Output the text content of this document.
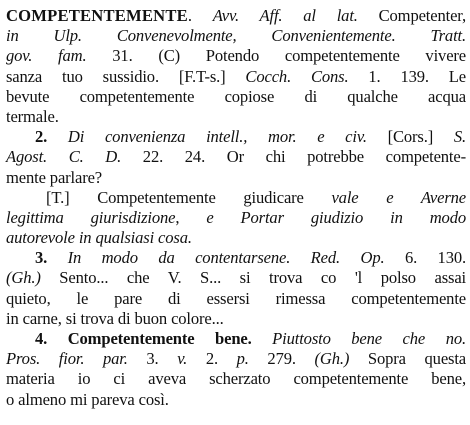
COMPETENTEMENTE. Avv. Aff. al lat. Competenter,
in Ulp. Convenevolmente, Convenientemente. Tratt.
gov. fam. 31. (C) Potendo competentemente vivere
sanza tuo sussidio. [F.T-s.] Cocch. Cons. 1. 139. Le
bevute competentemente copiose di qualche acqua
termale.
2. Di convenienza intell., mor. e civ. [Cors.] S.
Agost. C. D. 22. 24. Or chi potrebbe competente-
mente parlare?
[T.] Competentemente giudicare vale e Averne
legittima giurisdizione, e Portar giudizio in modo
autorevole in qualsiasi cosa.
3. In modo da contentarsene. Red. Op. 6. 130.
(Gh.) Sento... che V. S... si trova co 'l polso assai
quieto, le pare di essersi rimessa competentemente
in carne, si trova di buon colore...
4. Competentemente bene. Piuttosto bene che no.
Pros. fior. par. 3. v. 2. p. 279. (Gh.) Sopra questa
materia io ci aveva scherzato competentemente bene,
o almeno mi pareva così.
